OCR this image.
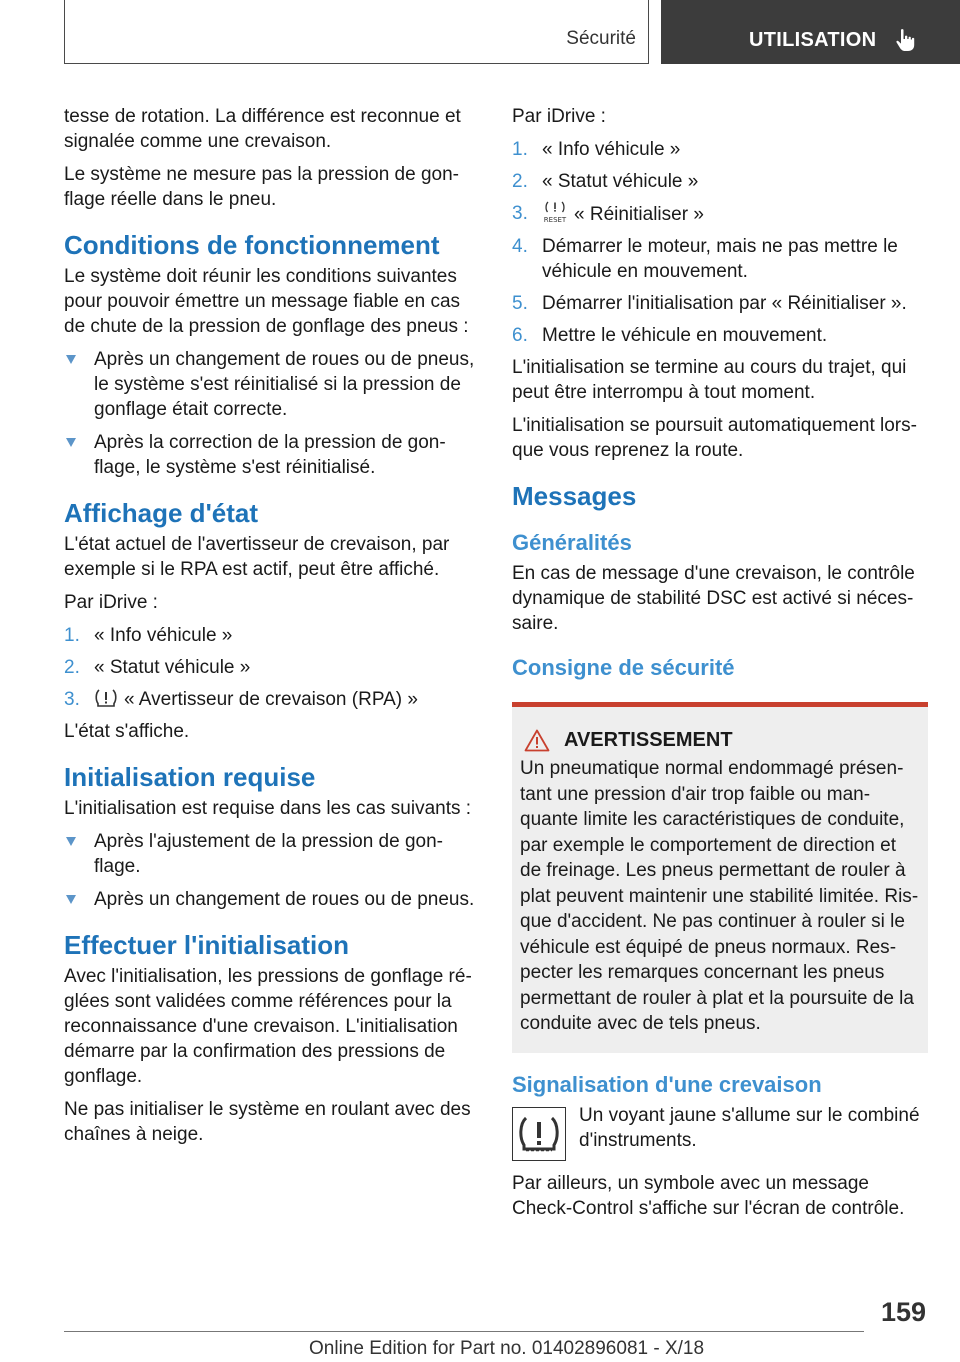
Sécurité	UTILISATION

tesse de rotation. La différence est reconnue et signalée comme une crevaison.

Le système ne mesure pas la pression de gonflage réelle dans le pneu.

Conditions de fonctionnement

Le système doit réunir les conditions suivantes pour pouvoir émettre un message fiable en cas de chute de la pression de gonflage des pneus :

Après un changement de roues ou de pneus, le système s'est réinitialisé si la pression de gonflage était correcte.
Après la correction de la pression de gonflage, le système s'est réinitialisé.
Affichage d'état

L'état actuel de l'avertisseur de crevaison, par exemple si le RPA est actif, peut être affiché.

Par iDrive :

1. « Info véhicule »
2. « Statut véhicule »
3. « Avertisseur de crevaison (RPA) »

L'état s'affiche.

Initialisation requise

L'initialisation est requise dans les cas suivants :

Après l'ajustement de la pression de gonflage.
Après un changement de roues ou de pneus.
Effectuer l'initialisation

Avec l'initialisation, les pressions de gonflage réglées sont validées comme références pour la reconnaissance d'une crevaison. L'initialisation démarre par la confirmation des pressions de gonflage.

Ne pas initialiser le système en roulant avec des chaînes à neige.

Par iDrive :

1. « Info véhicule »
2. « Statut véhicule »
3. RESET « Réinitialiser »
4. Démarrer le moteur, mais ne pas mettre le véhicule en mouvement.
5. Démarrer l'initialisation par « Réinitialiser ».
6. Mettre le véhicule en mouvement.

L'initialisation se termine au cours du trajet, qui peut être interrompu à tout moment.

L'initialisation se poursuit automatiquement lorsque vous reprenez la route.

Messages
Généralités

En cas de message d'une crevaison, le contrôle dynamique de stabilité DSC est activé si nécessaire.

Consigne de sécurité
AVERTISSEMENT

Un pneumatique normal endommagé présentant une pression d'air trop faible ou manquante limite les caractéristiques de conduite, par exemple le comportement de direction et de freinage. Les pneus permettant de rouler à plat peuvent maintenir une stabilité limitée. Risque d'accident. Ne pas continuer à rouler si le véhicule est équipé de pneus normaux. Respecter les remarques concernant les pneus permettant de rouler à plat et la poursuite de la conduite avec de tels pneus.

Signalisation d'une crevaison

Un voyant jaune s'allume sur le combiné d'instruments.

Par ailleurs, un symbole avec un message Check-Control s'affiche sur l'écran de contrôle.

159
Online Edition for Part no. 01402896081 - X/18
